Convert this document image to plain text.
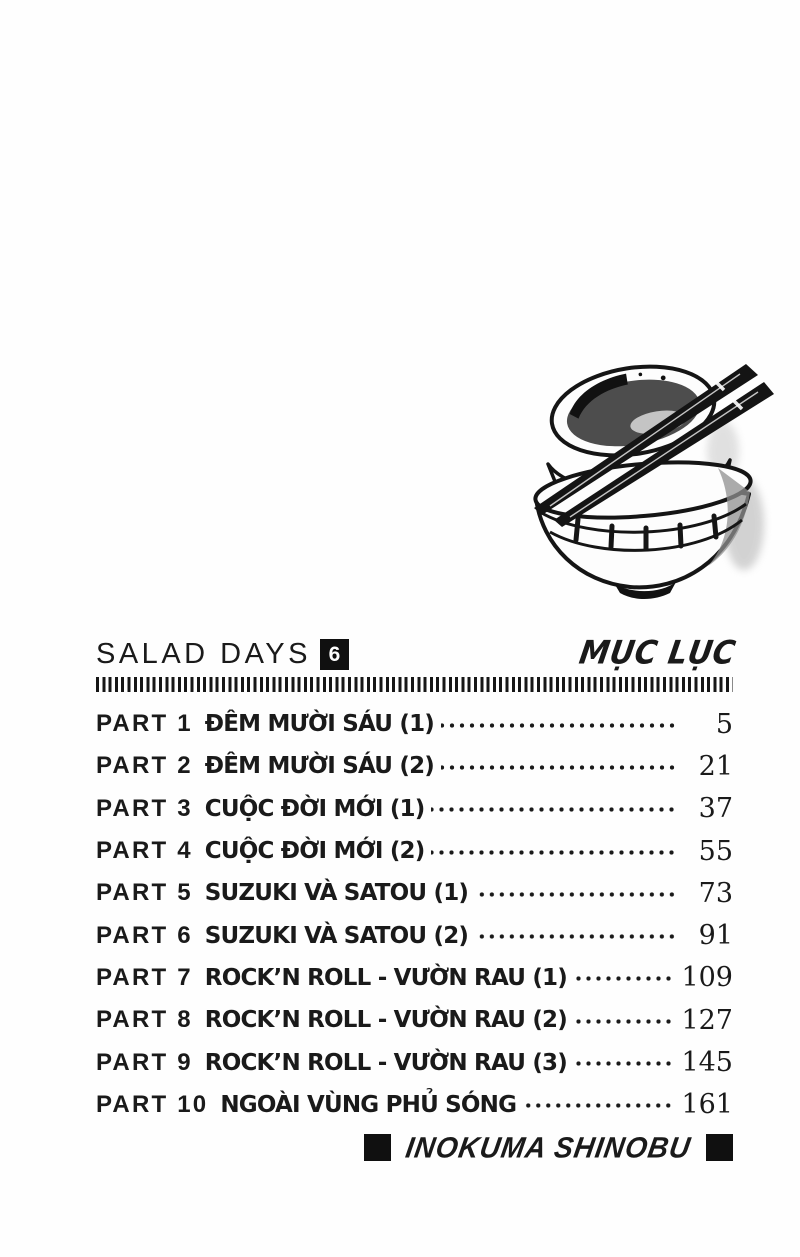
SALAD DAYS 6	MỤC LỤC
PART 1 ĐÊM MƯỜI SÁU (1)	5
PART 2 ĐÊM MƯỜI SÁU (2)	21
PART 3 CUỘC ĐỜI MỚI (1)	37
PART 4 CUỘC ĐỜI MỚI (2)	55
PART 5 SUZUKI VÀ SATOU (1)	73
PART 6 SUZUKI VÀ SATOU (2)	91
PART 7 ROCK’N ROLL - VƯỜN RAU (1)	109
PART 8 ROCK’N ROLL - VƯỜN RAU (2)	127
PART 9 ROCK’N ROLL - VƯỜN RAU (3)	145
PART 10 NGOÀI VÙNG PHỦ SÓNG	161
INOKUMA SHINOBU
